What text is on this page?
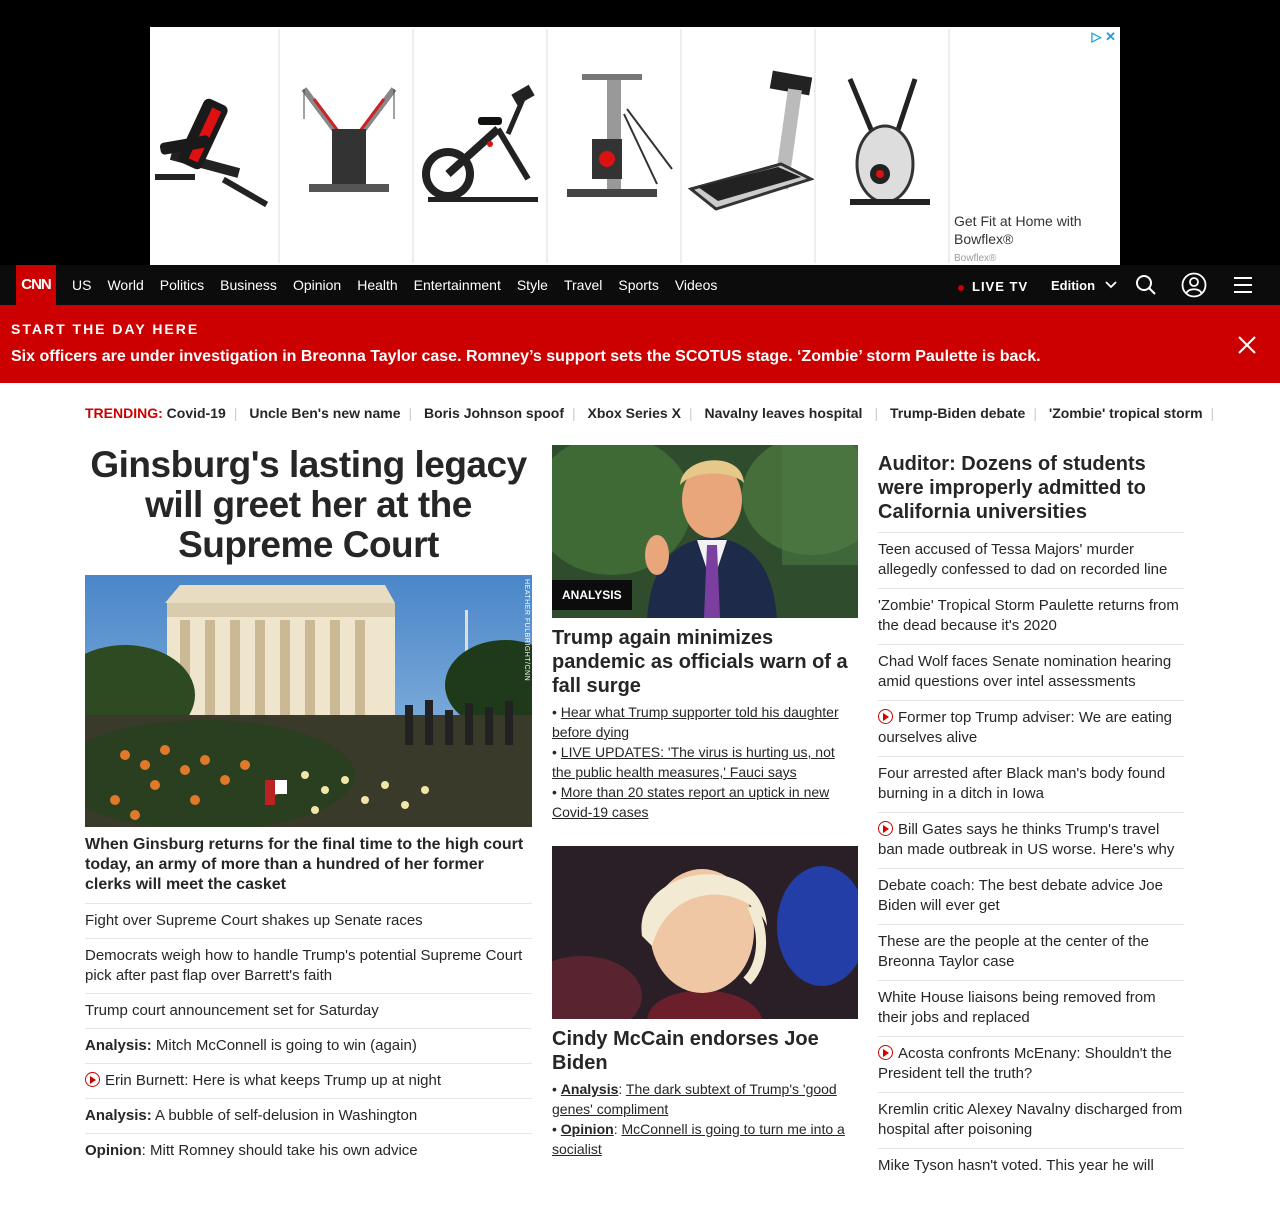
Get Fit at Home with Bowflex®
Bowflex®
▷ ✕
CNN	US World Politics Business Opinion Health Entertainment Style Travel Sports Videos	LIVE TV Edition
START THE DAY HERE
Six officers are under investigation in Breonna Taylor case. Romney’s support sets the SCOTUS stage. ‘Zombie’ storm Paulette is back.
TRENDING: Covid-19 | Uncle Ben's new name | Boris Johnson spoof | Xbox Series X | Navalny leaves hospital | Trump-Biden debate | 'Zombie' tropical storm |
Ginsburg's lasting legacy will greet her at the Supreme Court
HEATHER FULBRIGHT/CNN
When Ginsburg returns for the final time to the high court today, an army of more than a hundred of her former clerks will meet the casket
Fight over Supreme Court shakes up Senate races
Democrats weigh how to handle Trump's potential Supreme Court pick after past flap over Barrett's faith
Trump court announcement set for Saturday
Analysis: Mitch McConnell is going to win (again)
Erin Burnett: Here is what keeps Trump up at night
Analysis: A bubble of self-delusion in Washington
Opinion: Mitt Romney should take his own advice
ANALYSIS
Trump again minimizes pandemic as officials warn of a fall surge
• Hear what Trump supporter told his daughter before dying
• LIVE UPDATES: 'The virus is hurting us, not the public health measures,' Fauci says
• More than 20 states report an uptick in new Covid-19 cases
Cindy McCain endorses Joe Biden
• Analysis: The dark subtext of Trump's 'good genes' compliment
• Opinion: McConnell is going to turn me into a socialist
Auditor: Dozens of students were improperly admitted to California universities
Teen accused of Tessa Majors' murder allegedly confessed to dad on recorded line
'Zombie' Tropical Storm Paulette returns from the dead because it's 2020
Chad Wolf faces Senate nomination hearing amid questions over intel assessments
Former top Trump adviser: We are eating ourselves alive
Four arrested after Black man's body found burning in a ditch in Iowa
Bill Gates says he thinks Trump's travel ban made outbreak in US worse. Here's why
Debate coach: The best debate advice Joe Biden will ever get
These are the people at the center of the Breonna Taylor case
White House liaisons being removed from their jobs and replaced
Acosta confronts McEnany: Shouldn't the President tell the truth?
Kremlin critic Alexey Navalny discharged from hospital after poisoning
Mike Tyson hasn't voted. This year he will
